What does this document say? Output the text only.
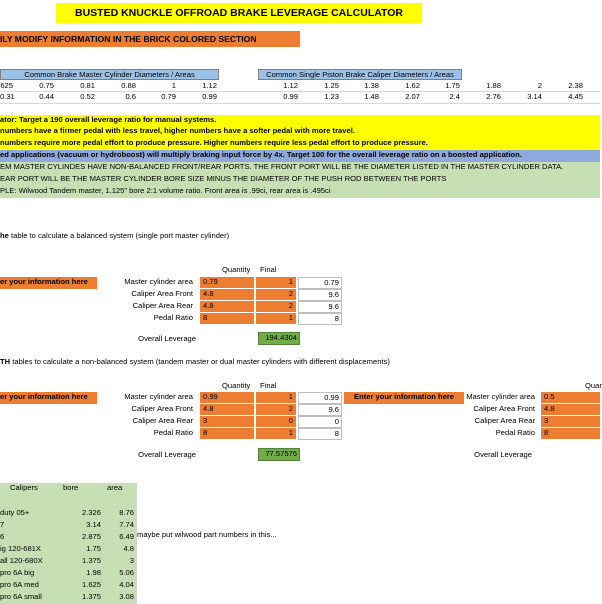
BUSTED KNUCKLE OFFROAD BRAKE LEVERAGE CALCULATOR
ILY MODIFY INFORMATION IN THE BRICK COLORED SECTION
Common Brake Master Cylinder Diameters / Areas	Common Single Piston Brake Caliper Diameters / Areas
625	0.75	0.81	0.88	1	1.12	1.12	1.25	1.38	1.62	1.75	1.88	2	2.38
0.31	0.44	0.52	0.6	0.79	0.99	0.99	1.23	1.48	2.07	2.4	2.76	3.14	4.45
ator: Target a 190 overall leverage ratio for manual systems.
numbers have a firmer pedal with less travel, higher numbers have a softer pedal with more travel.
numbers require more pedal effort to produce pressure. Higher numbers require less pedal effort to produce pressure.
ed applications (vacuum or hydroboost) will multiply braking input force by 4x. Target 100 for the overall leverage ratio on a boosted application.
EM MASTER CYLINDES HAVE NON-BALANCED FRONT/REAR PORTS. THE FRONT PORT WILL BE THE DIAMETER LISTED IN THE MASTER CYLINDER DATA.
EAR PORT WILL BE THE MASTER CYLINDER BORE SIZE MINUS THE DIAMETER OF THE PUSH ROD BETWEEN THE PORTS
PLE: Wilwood Tandem master, 1.125" bore 2:1 volume ratio. Front area is .99ci, rear area is .495ci
he table to calculate a balanced system (single port master cylinder)
Quantity Final
er your information here	Master cylinder area	0.79	1	0.79
Caliper Area Front	4.8	2	9.6
Caliper Area Rear	4.8	2	9.6
Pedal Ratio	8	1	8
Overall Leverage	194.4304
TH tables to calculate a non-balanced system (tandem master or dual master cylinders with different displacements)
Quantity Final
er your information here	Master cylinder area	0.99	1	0.99
Caliper Area Front	4.8	2	9.6
Caliper Area Rear	3	0	0
Pedal Ratio	8	1	8
Overall Leverage	77.57576
Quar
Enter your information here	Master cylinder area	0.5
Caliper Area Front	4.8
Caliper Area Rear	3
Pedal Ratio	8
Overall Leverage
Calipers	bore	area
duty 05+	2.326	8.76
7	3.14	7.74
6	2.875	6.49
ig 120-681X	1.75	4.8
all 120-680X	1.375	3
pro 6A big	1.98	5.06
pro 6A med	1.625	4.04
pro 6A small	1.375	3.08
maybe put wilwood part numbers in this...
